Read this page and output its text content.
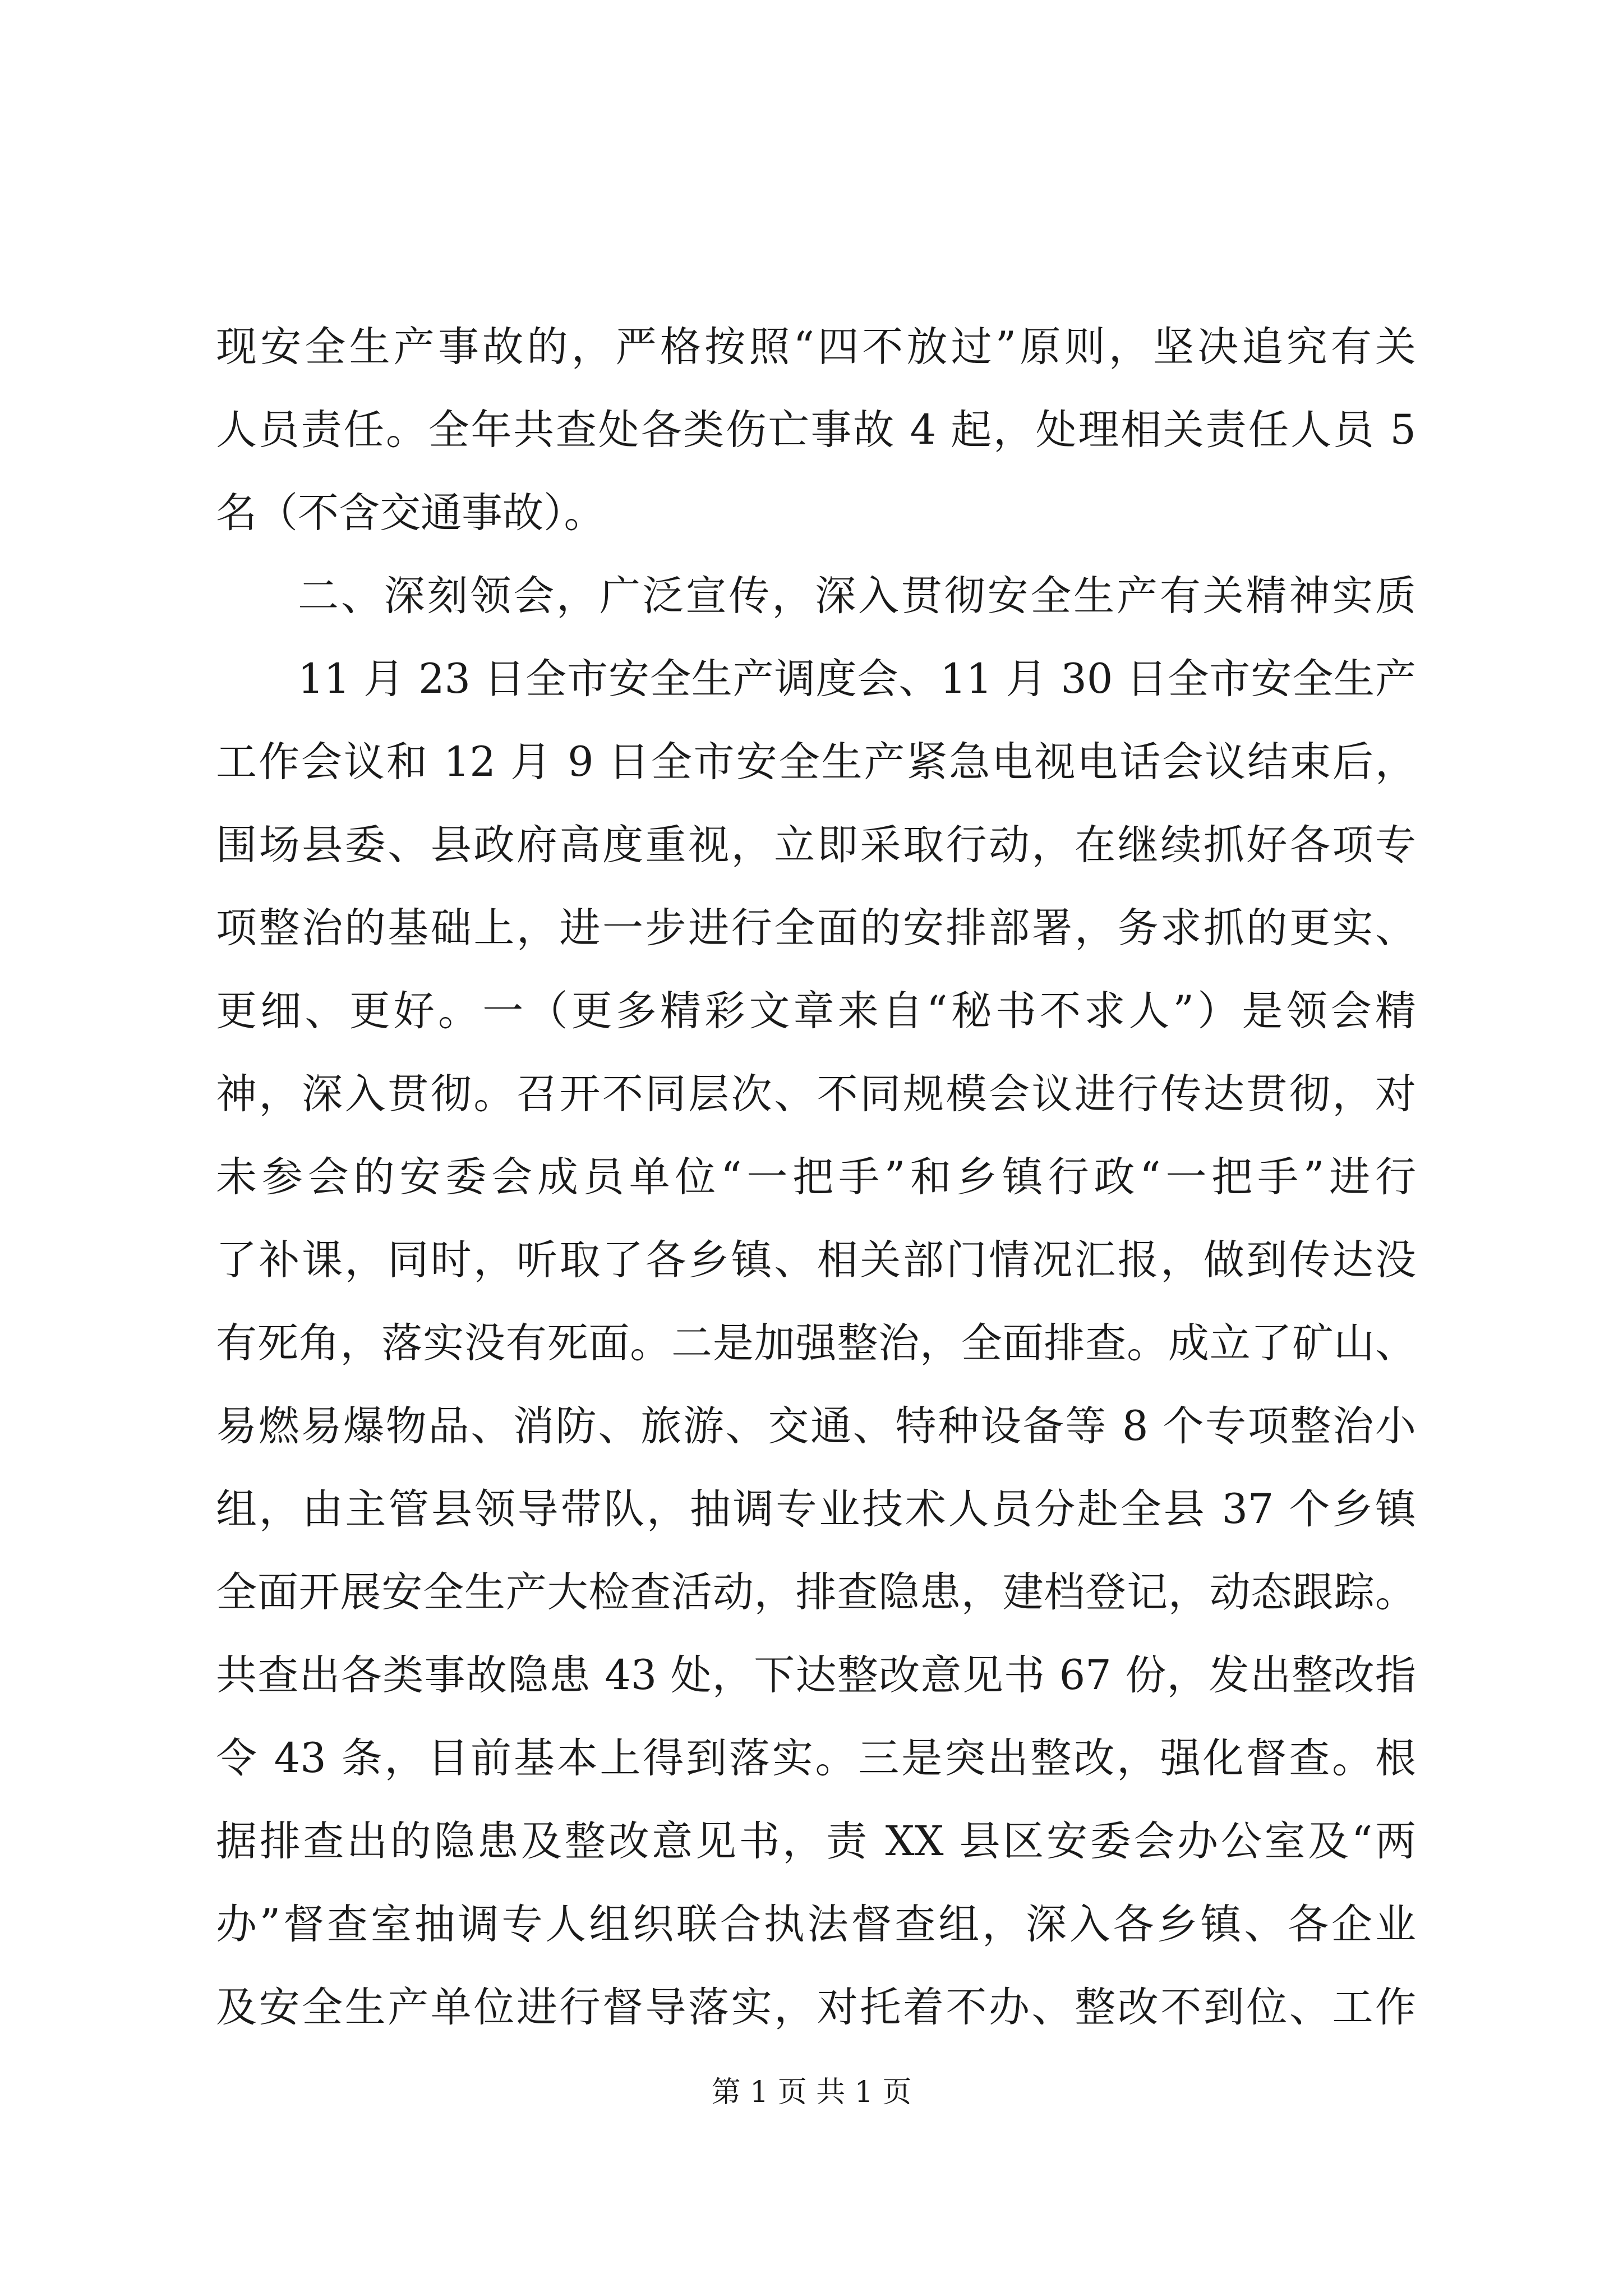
现安全生产事故的，严格按照“四不放过”原则，坚决追究有关
人员责任。全年共查处各类伤亡事故 4 起，处理相关责任人员 5
名（不含交通事故）。
二、深刻领会，广泛宣传，深入贯彻安全生产有关精神实质
11 月 23 日全市安全生产调度会、11 月 30 日全市安全生产
工作会议和 12 月 9 日全市安全生产紧急电视电话会议结束后，
围场县委、县政府高度重视，立即采取行动，在继续抓好各项专
项整治的基础上，进一步进行全面的安排部署，务求抓的更实、
更细、更好。一（更多精彩文章来自“秘书不求人”）是领会精
神，深入贯彻。召开不同层次、不同规模会议进行传达贯彻，对
未参会的安委会成员单位“一把手”和乡镇行政“一把手”进行
了补课，同时，听取了各乡镇、相关部门情况汇报，做到传达没
有死角，落实没有死面。二是加强整治，全面排查。成立了矿山、
易燃易爆物品、消防、旅游、交通、特种设备等 8 个专项整治小
组，由主管县领导带队，抽调专业技术人员分赴全县 37 个乡镇
全面开展安全生产大检查活动，排查隐患，建档登记，动态跟踪。
共查出各类事故隐患 43 处，下达整改意见书 67 份，发出整改指
令 43 条，目前基本上得到落实。三是突出整改，强化督查。根
据排查出的隐患及整改意见书，责 XX 县区安委会办公室及“两
办”督查室抽调专人组织联合执法督查组，深入各乡镇、各企业
及安全生产单位进行督导落实，对托着不办、整改不到位、工作
第 1 页 共 1 页
